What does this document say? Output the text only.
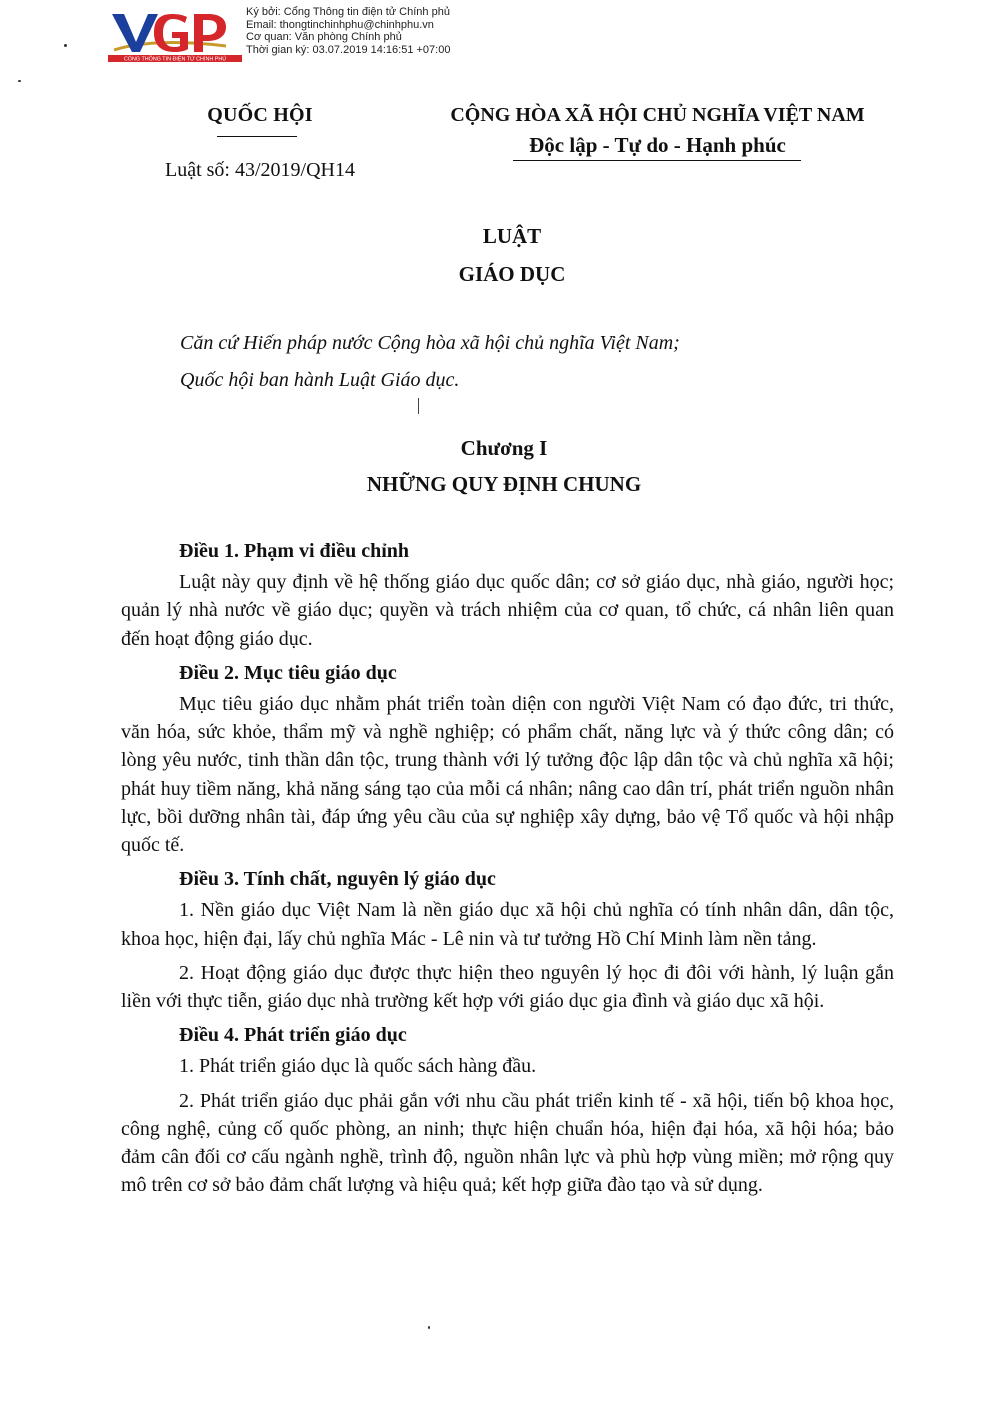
CỔNG THÔNG TIN ĐIỆN TỬ CHÍNH PHỦ
Ký bởi: Cổng Thông tin điện tử Chính phủ
Email: thongtinchinhphu@chinhphu.vn
Cơ quan: Văn phòng Chính phủ
Thời gian ký: 03.07.2019 14:16:51 +07:00
QUỐC HỘI
Luật số: 43/2019/QH14
CỘNG HÒA XÃ HỘI CHỦ NGHĨA VIỆT NAM
Độc lập - Tự do - Hạnh phúc
LUẬT
GIÁO DỤC
Căn cứ Hiến pháp nước Cộng hòa xã hội chủ nghĩa Việt Nam;
Quốc hội ban hành Luật Giáo dục.
Chương I
NHỮNG QUY ĐỊNH CHUNG
Điều 1. Phạm vi điều chỉnh

Luật này quy định về hệ thống giáo dục quốc dân; cơ sở giáo dục, nhà giáo, người học; quản lý nhà nước về giáo dục; quyền và trách nhiệm của cơ quan, tổ chức, cá nhân liên quan đến hoạt động giáo dục.

Điều 2. Mục tiêu giáo dục

Mục tiêu giáo dục nhằm phát triển toàn diện con người Việt Nam có đạo đức, tri thức, văn hóa, sức khỏe, thẩm mỹ và nghề nghiệp; có phẩm chất, năng lực và ý thức công dân; có lòng yêu nước, tinh thần dân tộc, trung thành với lý tưởng độc lập dân tộc và chủ nghĩa xã hội; phát huy tiềm năng, khả năng sáng tạo của mỗi cá nhân; nâng cao dân trí, phát triển nguồn nhân lực, bồi dưỡng nhân tài, đáp ứng yêu cầu của sự nghiệp xây dựng, bảo vệ Tổ quốc và hội nhập quốc tế.

Điều 3. Tính chất, nguyên lý giáo dục

1. Nền giáo dục Việt Nam là nền giáo dục xã hội chủ nghĩa có tính nhân dân, dân tộc, khoa học, hiện đại, lấy chủ nghĩa Mác - Lê nin và tư tưởng Hồ Chí Minh làm nền tảng.

2. Hoạt động giáo dục được thực hiện theo nguyên lý học đi đôi với hành, lý luận gắn liền với thực tiễn, giáo dục nhà trường kết hợp với giáo dục gia đình và giáo dục xã hội.

Điều 4. Phát triển giáo dục

1. Phát triển giáo dục là quốc sách hàng đầu.

2. Phát triển giáo dục phải gắn với nhu cầu phát triển kinh tế - xã hội, tiến bộ khoa học, công nghệ, củng cố quốc phòng, an ninh; thực hiện chuẩn hóa, hiện đại hóa, xã hội hóa; bảo đảm cân đối cơ cấu ngành nghề, trình độ, nguồn nhân lực và phù hợp vùng miền; mở rộng quy mô trên cơ sở bảo đảm chất lượng và hiệu quả; kết hợp giữa đào tạo và sử dụng.
